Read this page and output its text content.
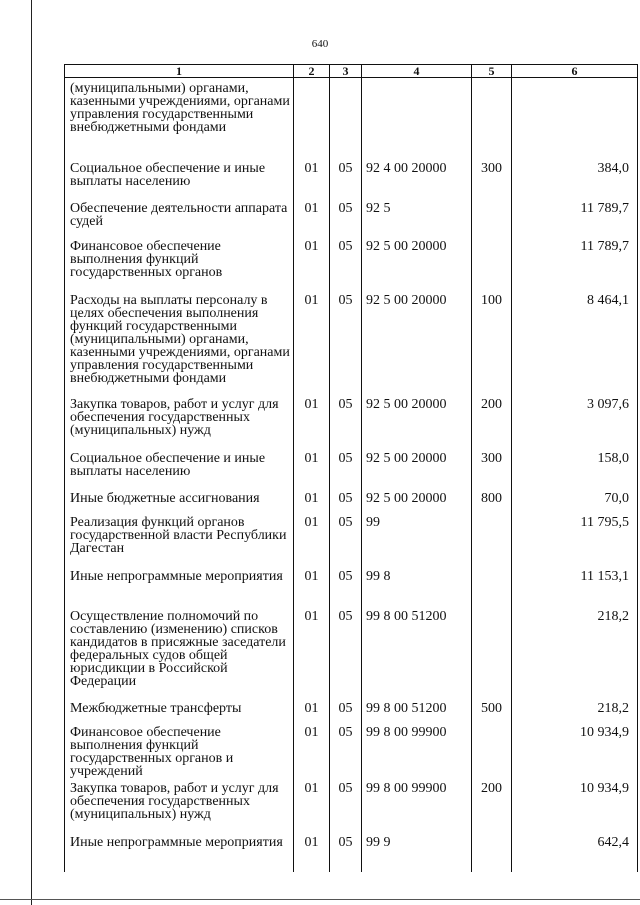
640
1	2	3	4	5	6
(муниципальными) органами, казенными учреждениями, органами управления государственными внебюджетными фондами					
Социальное обеспечение и иные выплаты населению	01	05	92 4 00 20000	300	384,0
Обеспечение деятельности аппарата судей	01	05	92 5		11 789,7
Финансовое обеспечение выполнения функций государственных органов	01	05	92 5 00 20000		11 789,7
Расходы на выплаты персоналу в целях обеспечения выполнения функций государственными (муниципальными) органами, казенными учреждениями, органами управления государственными внебюджетными фондами	01	05	92 5 00 20000	100	8 464,1
Закупка товаров, работ и услуг для обеспечения государственных (муниципальных) нужд	01	05	92 5 00 20000	200	3 097,6
Социальное обеспечение и иные выплаты населению	01	05	92 5 00 20000	300	158,0
Иные бюджетные ассигнования	01	05	92 5 00 20000	800	70,0
Реализация функций органов государственной власти Республики Дагестан	01	05	99		11 795,5
Иные непрограммные мероприятия	01	05	99 8		11 153,1
Осуществление полномочий по составлению (изменению) списков кандидатов в присяжные заседатели федеральных судов общей юрисдикции в Российской Федерации	01	05	99 8 00 51200		218,2
Межбюджетные трансферты	01	05	99 8 00 51200	500	218,2
Финансовое обеспечение выполнения функций государственных органов и учреждений	01	05	99 8 00 99900		10 934,9
Закупка товаров, работ и услуг для обеспечения государственных (муниципальных) нужд	01	05	99 8 00 99900	200	10 934,9
Иные непрограммные мероприятия	01	05	99 9		642,4
